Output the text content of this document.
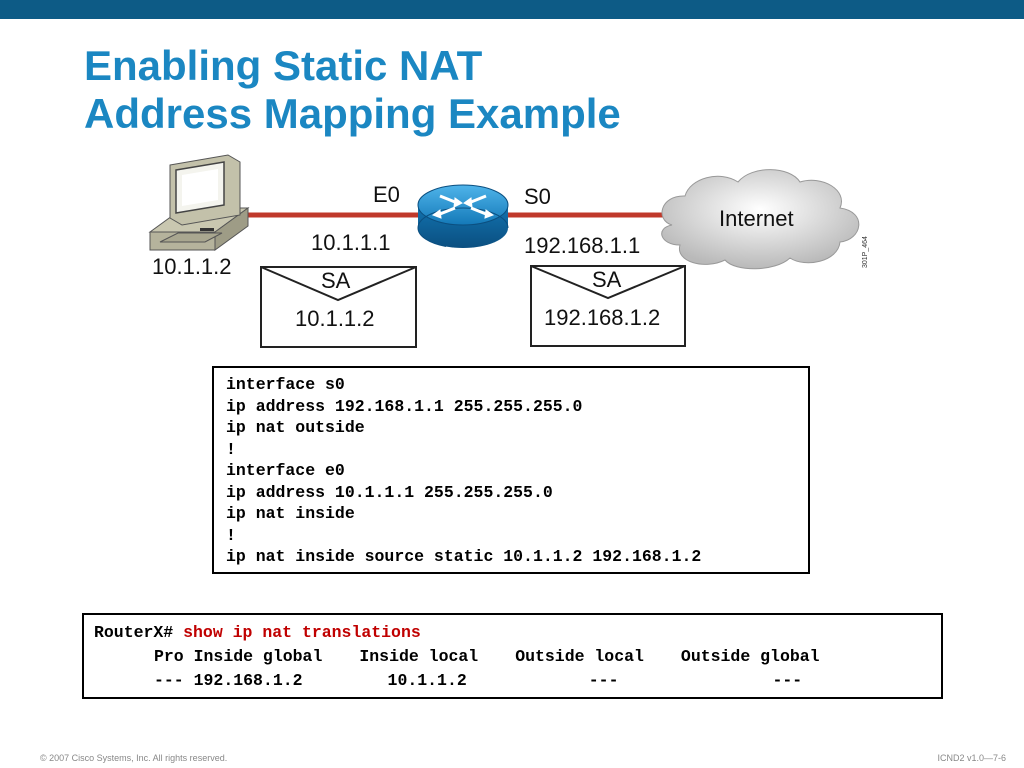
Enabling Static NAT
Address Mapping Example
10.1.1.2
E0	S0
10.1.1.1	192.168.1.1
Internet
SA
10.1.1.2
SA
192.168.1.2
301P_464
interface s0
ip address 192.168.1.1 255.255.255.0
ip nat outside
!
interface e0
ip address 10.1.1.1 255.255.255.0
ip nat inside
!
ip nat inside source static 10.1.1.2 192.168.1.2
RouterX# show ip nat translations
Pro Inside global Inside local Outside local Outside global
--- 192.168.1.2	10.1.1.2	---	---
© 2007 Cisco Systems, Inc. All rights reserved.	ICND2 v1.0—7-6
